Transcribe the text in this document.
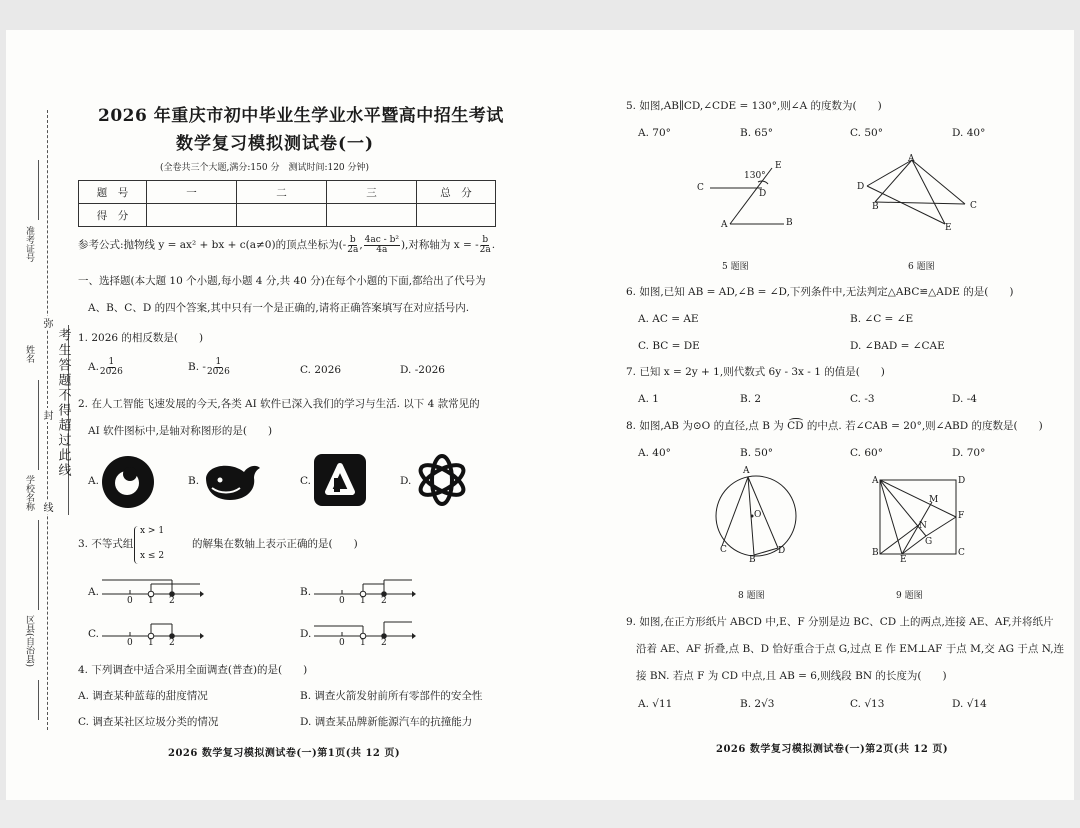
准考证号
姓名
学校名称
区县(自治县)
弥
封
线
考生答题不得超过此线
2026 年重庆市初中毕业生学业水平暨高中招生考试
数学复习模拟测试卷(一)
(全卷共三个大题,满分:150 分　测试时间:120 分钟)
题　号	一	二	三	总　分
得　分				
参考公式:抛物线 y = ax² + bx + c(a≠0)的顶点坐标为 (- $\frac{b}{2a}$ , $\frac{\text{4ac - b²}}{4a}$ ) ,对称轴为 x = - $\frac{b}{2a}$ .
一、选择题(本大题 10 个小题,每小题 4 分,共 40 分)在每个小题的下面,都给出了代号为
A、B、C、D 的四个答案,其中只有一个是正确的,请将正确答案填写在对应括号内.
1. 2026 的相反数是(　　)
A. $\frac{1}{2026}$	B. - $\frac{1}{2026}$	C. 2026	D. -2026
2. 在人工智能飞速发展的今天,各类 AI 软件已深入我们的学习与生活. 以下 4 款常见的
AI 软件图标中,是轴对称图形的是(　　)
A.	B.	C.	D.
3. 不等式组
x > 1
x ≤ 2
的解集在数轴上表示正确的是(　　)
A.	B.
C.	D.
0 1 2	0 1 2
0 1 2	0 1 2
4. 下列调查中适合采用全面调查(普查)的是(　　)
A. 调查某种蓝莓的甜度情况	B. 调查火箭发射前所有零部件的安全性
C. 调查某社区垃圾分类的情况	D. 调查某品牌新能源汽车的抗撞能力
2026 数学复习模拟测试卷(一)第1页(共 12 页)
5. 如图,AB∥CD,∠CDE = 130°,则∠A 的度数为(　　)
A. 70°	B. 65°	C. 50°	D. 40°
C
D
E
A	B
130°
5 题图
A
D
B	C
E
6 题图
6. 如图,已知 AB = AD,∠B = ∠D,下列条件中,无法判定△ABC≌△ADE 的是(　　)
A. AC = AE	B. ∠C = ∠E
C. BC = DE	D. ∠BAD = ∠CAE
7. 已知 x = 2y + 1,则代数式 6y - 3x - 1 的值是(　　)
A. 1	B. 2	C. -3	D. -4
8. 如图,AB 为⊙O 的直径,点 B 为 CD 的中点. 若∠CAB = 20°,则∠ABD 的度数是(　　)
A. 40°	B. 50°	C. 60°	D. 70°
A
O
C
B
D
8 题图
A	D
M
F
N
G
B
E
C
9 题图
9. 如图,在正方形纸片 ABCD 中,E、F 分别是边 BC、CD 上的两点,连接 AE、AF,并将纸片
沿着 AE、AF 折叠,点 B、D 恰好重合于点 G,过点 E 作 EM⊥AF 于点 M,交 AG 于点 N,连
接 BN. 若点 F 为 CD 中点,且 AB = 6,则线段 BN 的长度为(　　)
A. √11	B. 2√3	C. √13	D. √14
2026 数学复习模拟测试卷(一)第2页(共 12 页)
